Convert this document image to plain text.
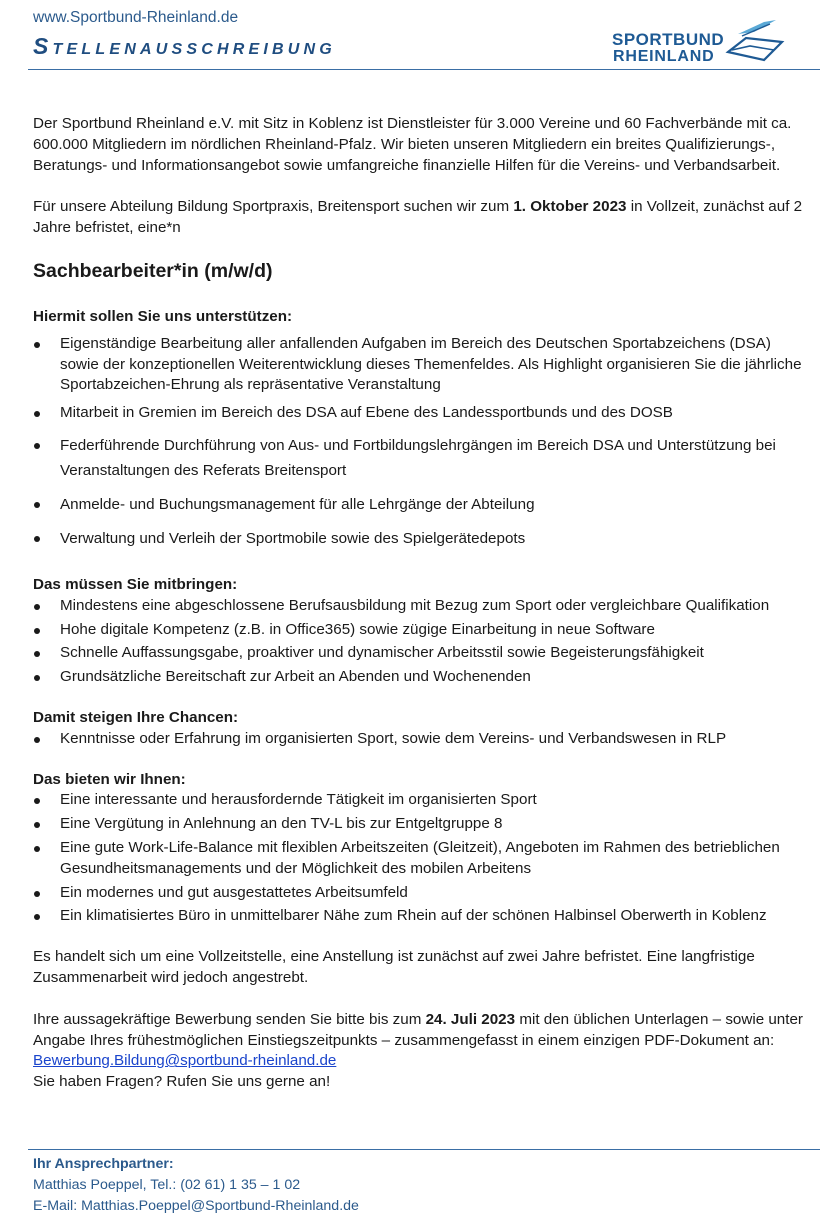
www.Sportbund-Rheinland.de
Stellenausschreibung	SPORTBUND
RHEINLAND

Der Sportbund Rheinland e.V. mit Sitz in Koblenz ist Dienstleister für 3.000 Vereine und 60 Fachverbände mit ca. 600.000 Mitgliedern im nördlichen Rheinland-Pfalz. Wir bieten unseren Mitgliedern ein breites Qualifizierungs-, Beratungs- und Informationsangebot sowie umfangreiche finanzielle Hilfen für die Vereins- und Verbandsarbeit.

Für unsere Abteilung Bildung Sportpraxis, Breitensport suchen wir zum 1. Oktober 2023 in Vollzeit, zunächst auf 2 Jahre befristet, eine*n

Sachbearbeiter*in (m/w/d)
Hiermit sollen Sie uns unterstützen:
Eigenständige Bearbeitung aller anfallenden Aufgaben im Bereich des Deutschen Sportabzeichens (DSA) sowie der konzeptionellen Weiterentwicklung dieses Themenfeldes. Als Highlight organisieren Sie die jährliche Sportabzeichen-Ehrung als repräsentative Veranstaltung
Mitarbeit in Gremien im Bereich des DSA auf Ebene des Landessportbunds und des DOSB
Federführende Durchführung von Aus- und Fortbildungslehrgängen im Bereich DSA und Unterstützung bei Veranstaltungen des Referats Breitensport
Anmelde- und Buchungsmanagement für alle Lehrgänge der Abteilung
Verwaltung und Verleih der Sportmobile sowie des Spielgerätedepots
Das müssen Sie mitbringen:
Mindestens eine abgeschlossene Berufsausbildung mit Bezug zum Sport oder vergleichbare Qualifikation
Hohe digitale Kompetenz (z.B. in Office365) sowie zügige Einarbeitung in neue Software
Schnelle Auffassungsgabe, proaktiver und dynamischer Arbeitsstil sowie Begeisterungsfähigkeit
Grundsätzliche Bereitschaft zur Arbeit an Abenden und Wochenenden
Damit steigen Ihre Chancen:
Kenntnisse oder Erfahrung im organisierten Sport, sowie dem Vereins- und Verbandswesen in RLP
Das bieten wir Ihnen:
Eine interessante und herausfordernde Tätigkeit im organisierten Sport
Eine Vergütung in Anlehnung an den TV-L bis zur Entgeltgruppe 8
Eine gute Work-Life-Balance mit flexiblen Arbeitszeiten (Gleitzeit), Angeboten im Rahmen des betrieblichen Gesundheitsmanagements und der Möglichkeit des mobilen Arbeitens
Ein modernes und gut ausgestattetes Arbeitsumfeld
Ein klimatisiertes Büro in unmittelbarer Nähe zum Rhein auf der schönen Halbinsel Oberwerth in Koblenz

Es handelt sich um eine Vollzeitstelle, eine Anstellung ist zunächst auf zwei Jahre befristet. Eine langfristige Zusammenarbeit wird jedoch angestrebt.

Ihre aussagekräftige Bewerbung senden Sie bitte bis zum 24. Juli 2023 mit den üblichen Unterlagen – sowie unter Angabe Ihres frühestmöglichen Einstiegszeitpunkts – zusammengefasst in einem einzigen PDF-Dokument an: Bewerbung.Bildung@sportbund-rheinland.de

Sie haben Fragen? Rufen Sie uns gerne an!

Ihr Ansprechpartner:
Matthias Poeppel, Tel.: (02 61) 1 35 – 1 02
E-Mail: Matthias.Poeppel@Sportbund-Rheinland.de
